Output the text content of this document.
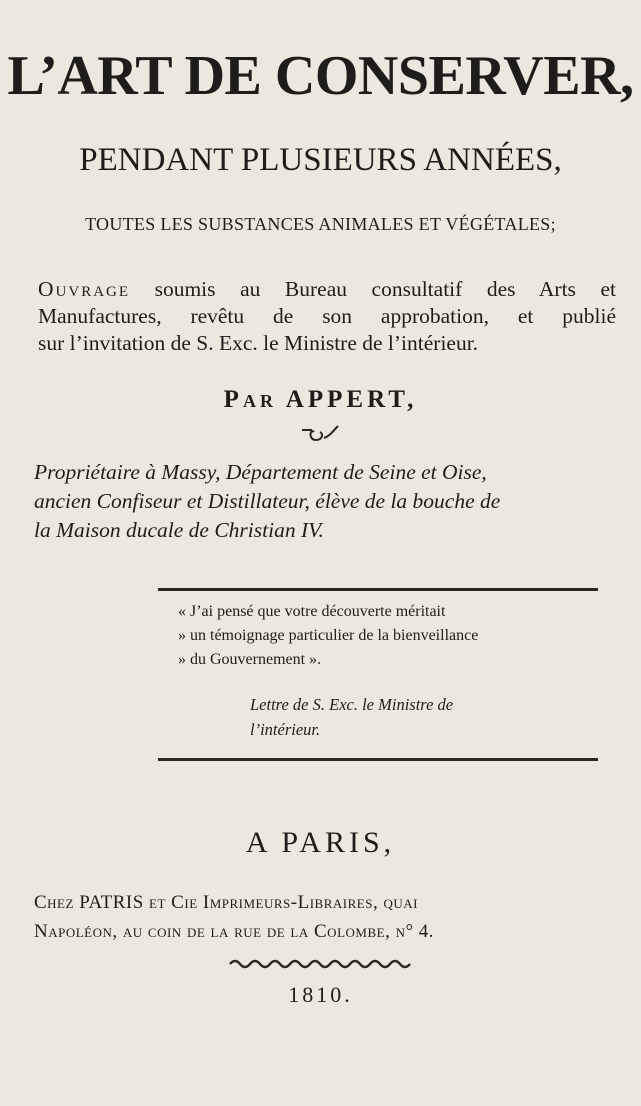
L’ART DE CONSERVER,
PENDANT PLUSIEURS ANNÉES,
TOUTES LES SUBSTANCES ANIMALES ET VÉGÉTALES;
Ouvrage soumis au Bureau consultatif des Arts et
Manufactures, revêtu de son approbation, et publié
sur l’invitation de S. Exc. le Ministre de l’intérieur.
Par APPERT,
Propriétaire à Massy, Département de Seine et Oise,
ancien Confiseur et Distillateur, élève de la bouche de
la Maison ducale de Christian IV.
« J’ai pensé que votre découverte méritait
» un témoignage particulier de la bienveillance
» du Gouvernement ».
Lettre de S. Exc. le Ministre de
l’intérieur.
A PARIS,
Chez PATRIS et Cie Imprimeurs-Libraires, quai
Napoléon, au coin de la rue de la Colombe, n° 4.
1810.
